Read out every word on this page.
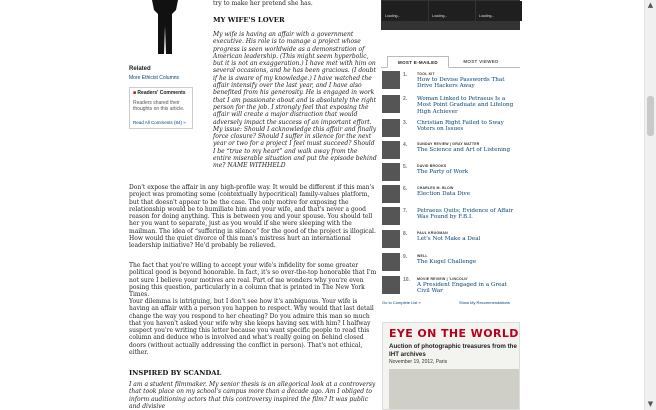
Related
More Ethicist Columns
■ Readers' Comments
Readers shared their thoughts on this article.
Read All Comments (84) »
try to make her pretend she has.
MY WIFE'S LOVER
My wife is having an affair with a government executive. His role is to manage a project whose progress is seen worldwide as a demonstration of American leadership. (This might seem hyperbolic, but it is not an exaggeration.) I have met with him on several occasions, and he has been gracious. (I doubt if he is aware of my knowledge.) I have watched the affair intensify over the last year, and I have also benefited from his generosity. He is engaged in work that I am passionate about and is absolutely the right person for the job. I strongly feel that exposing the affair will create a major distraction that would adversely impact the success of an important effort. My issue: Should I acknowledge this affair and finally force closure? Should I suffer in silence for the next year or two for a project I feel must succeed? Should I be “true to my heart” and walk away from the entire miserable situation and put the episode behind me? NAME WITHHELD
Don't expose the affair in any high-profile way. It would be different if this man's project was promoting some (contextually hypocritical) family-values platform, but that doesn't appear to be the case. The only motive for exposing the relationship would be to humiliate him and your wife, and that's never a good reason for doing anything. This is between you and your spouse. You should tell her you want to separate, just as you would if she were sleeping with the mailman. The idea of “suffering in silence” for the good of the project is illogical. How would the quiet divorce of this man's mistress hurt an international leadership initiative? He'd probably be relieved.
The fact that you're willing to accept your wife's infidelity for some greater political good is beyond honorable. In fact, it's so over-the-top honorable that I'm not sure I believe your motives are real. Part of me wonders why you're even posing this question, particularly in a column that is printed in The New York Times.
Your dilemma is intriguing, but I don't see how it's ambiguous. Your wife is having an affair with a person you happen to respect. Why would that last detail change the way you respond to her cheating? Do you admire this man so much that you haven't asked your wife why she keeps having sex with him? I halfway suspect you're writing this letter because you want specific people to read this column and deduce who is involved and what's really going on behind closed doors (without actually addressing the conflict in person). That's not ethical, either.
INSPIRED BY SCANDAL
I am a student filmmaker. My senior thesis is an allegorical look at a controversy that took place on my school's campus more than a decade ago. Am I obliged to inform auditioning actors that this controversy inspired the film? It was public and divisive
Loading...	Loading...	Loading...
MOST E-MAILED	MOST VIEWED
1.	TOOL KIT
How to Devise Passwords That Drive Hackers Away
2. Woman Linked to Petraeus Is a Most Point Graduate and Lifelong High Achiever
3. Christian Right Failed to Sway Voters on Issues
4.	SUNDAY REVIEW | GRAY MATTER
The Science and Art of Listening
5.	DAVID BROOKS
The Party of Work
6.	CHARLES M. BLOW
Election Data Dive
7. Petraeus Quits; Evidence of Affair Was Found by F.B.I.
8.	PAUL KRUGMAN
Let's Not Make a Deal
9.	WELL
The Kugel Challenge
10. MOVIE REVIEW | 'LINCOLN'
A President Engaged in a Great Civil War
Go to Complete List »	Show My Recommendations
EYE ON THE WORLD
Auction of photographic treasures from the IHT archives
November 19, 2012, Paris
▲
▼
